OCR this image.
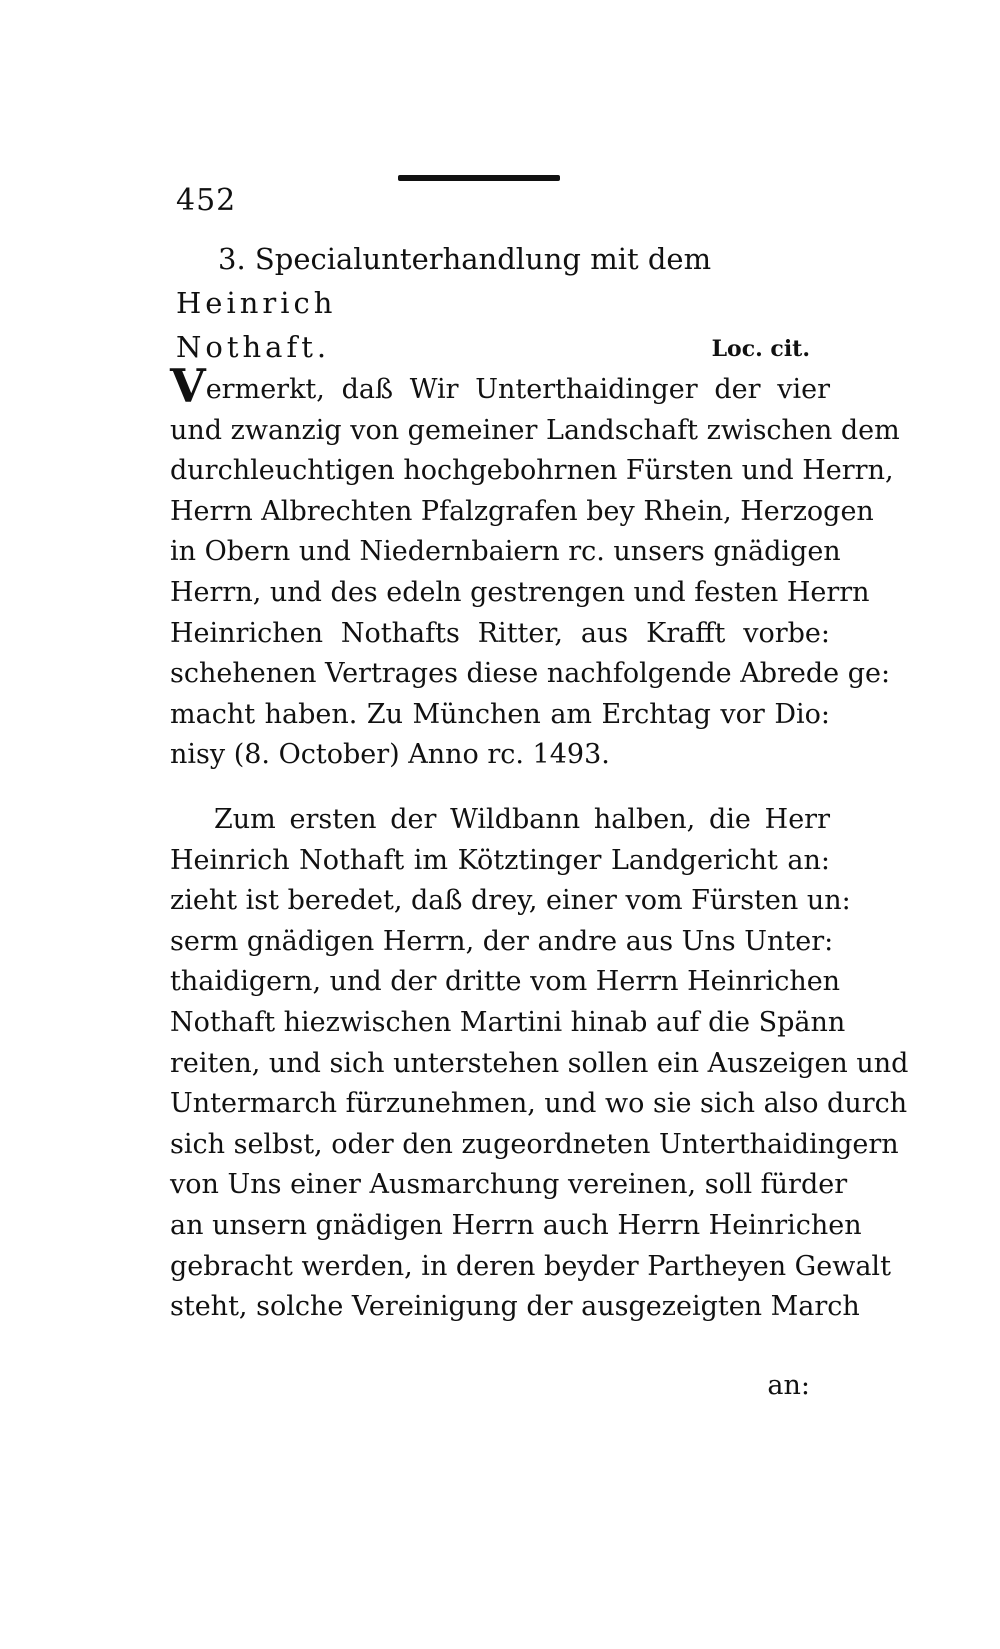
452
3. Specialunterhandlung mit dem Heinrich
Nothaft.	Loc. cit.
Vermerkt, daß Wir Unterthaidinger der vier
und zwanzig von gemeiner Landschaft zwischen dem
durchleuchtigen hochgebohrnen Fürsten und Herrn,
Herrn Albrechten Pfalzgrafen bey Rhein, Herzogen
in Obern und Niedernbaiern rc. unsers gnädigen
Herrn, und des edeln gestrengen und festen Herrn
Heinrichen Nothafts Ritter, aus Krafft vorbe:
schehenen Vertrages diese nachfolgende Abrede ge:
macht haben. Zu München am Erchtag vor Dio:
nisy (8. October) Anno rc. 1493.
Zum ersten der Wildbann halben, die Herr
Heinrich Nothaft im Kötztinger Landgericht an:
zieht ist beredet, daß drey, einer vom Fürsten un:
serm gnädigen Herrn, der andre aus Uns Unter:
thaidigern, und der dritte vom Herrn Heinrichen
Nothaft hiezwischen Martini hinab auf die Spänn
reiten, und sich unterstehen sollen ein Auszeigen und
Untermarch fürzunehmen, und wo sie sich also durch
sich selbst, oder den zugeordneten Unterthaidingern
von Uns einer Ausmarchung vereinen, soll fürder
an unsern gnädigen Herrn auch Herrn Heinrichen
gebracht werden, in deren beyder Partheyen Gewalt
steht, solche Vereinigung der ausgezeigten March
an:
